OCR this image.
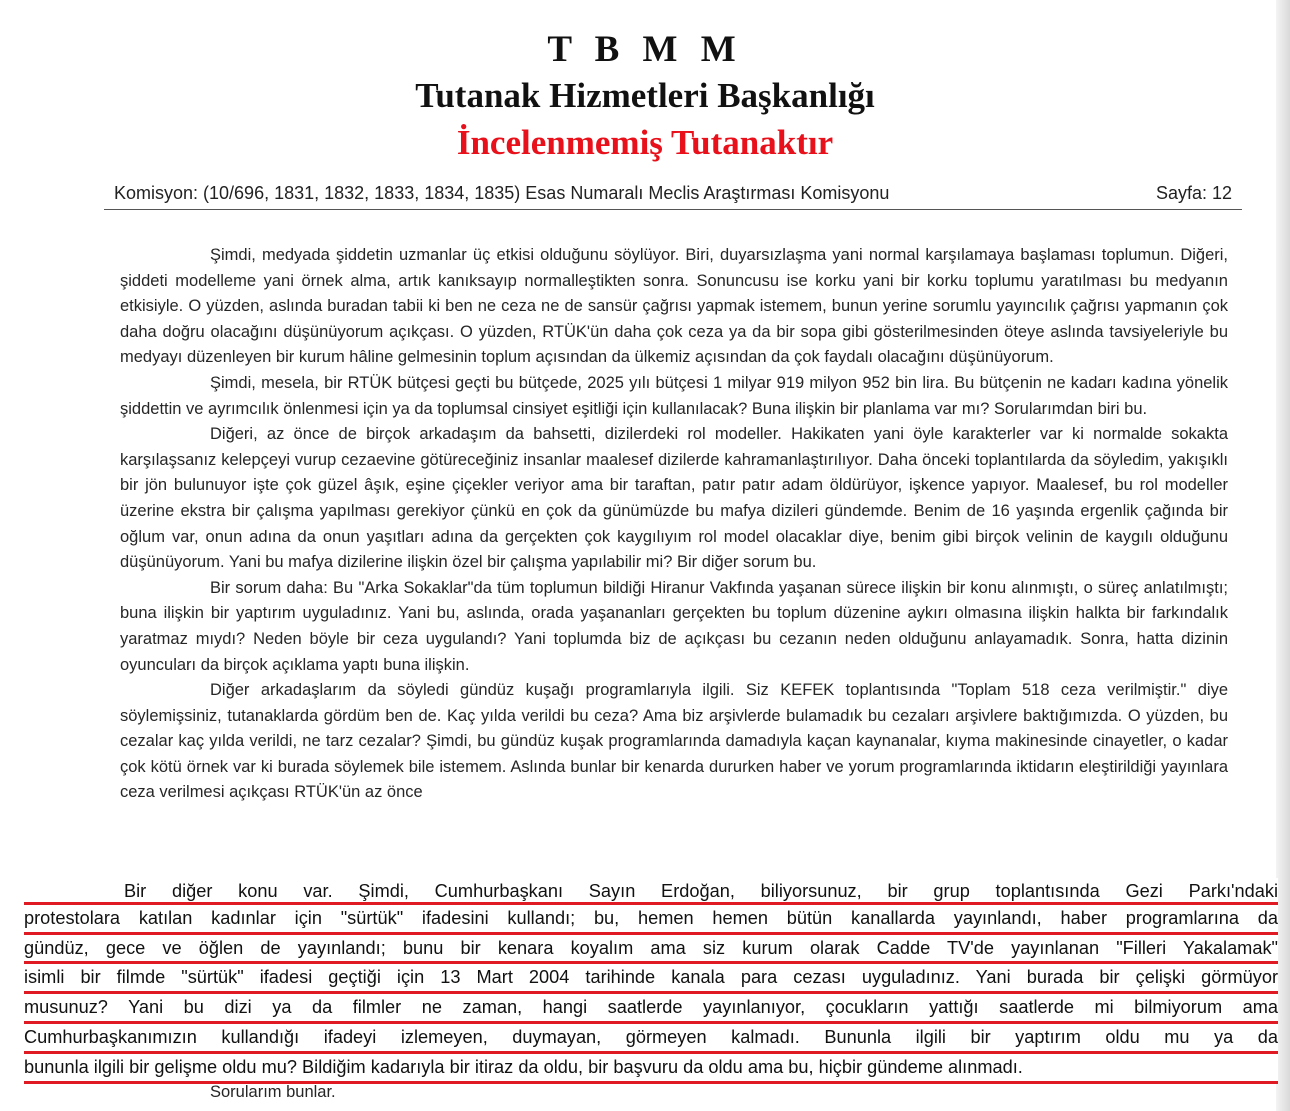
T B M M
Tutanak Hizmetleri Başkanlığı
İncelenmemiş Tutanaktır
Komisyon: (10/696, 1831, 1832, 1833, 1834, 1835) Esas Numaralı Meclis Araştırması Komisyonu	Sayfa: 12

Şimdi, medyada şiddetin uzmanlar üç etkisi olduğunu söylüyor. Biri, duyarsızlaşma yani normal karşılamaya başlaması toplumun. Diğeri, şiddeti modelleme yani örnek alma, artık kanıksayıp normalleştikten sonra. Sonuncusu ise korku yani bir korku toplumu yaratılması bu medyanın etkisiyle. O yüzden, aslında buradan tabii ki ben ne ceza ne de sansür çağrısı yapmak istemem, bunun yerine sorumlu yayıncılık çağrısı yapmanın çok daha doğru olacağını düşünüyorum açıkçası. O yüzden, RTÜK'ün daha çok ceza ya da bir sopa gibi gösterilmesinden öteye aslında tavsiyeleriyle bu medyayı düzenleyen bir kurum hâline gelmesinin toplum açısından da ülkemiz açısından da çok faydalı olacağını düşünüyorum.

Şimdi, mesela, bir RTÜK bütçesi geçti bu bütçede, 2025 yılı bütçesi 1 milyar 919 milyon 952 bin lira. Bu bütçenin ne kadarı kadına yönelik şiddettin ve ayrımcılık önlenmesi için ya da toplumsal cinsiyet eşitliği için kullanılacak? Buna ilişkin bir planlama var mı? Sorularımdan biri bu.

Diğeri, az önce de birçok arkadaşım da bahsetti, dizilerdeki rol modeller. Hakikaten yani öyle karakterler var ki normalde sokakta karşılaşsanız kelepçeyi vurup cezaevine götüreceğiniz insanlar maalesef dizilerde kahramanlaştırılıyor. Daha önceki toplantılarda da söyledim, yakışıklı bir jön bulunuyor işte çok güzel âşık, eşine çiçekler veriyor ama bir taraftan, patır patır adam öldürüyor, işkence yapıyor. Maalesef, bu rol modeller üzerine ekstra bir çalışma yapılması gerekiyor çünkü en çok da günümüzde bu mafya dizileri gündemde. Benim de 16 yaşında ergenlik çağında bir oğlum var, onun adına da onun yaşıtları adına da gerçekten çok kaygılıyım rol model olacaklar diye, benim gibi birçok velinin de kaygılı olduğunu düşünüyorum. Yani bu mafya dizilerine ilişkin özel bir çalışma yapılabilir mi? Bir diğer sorum bu.

Bir sorum daha: Bu "Arka Sokaklar"da tüm toplumun bildiği Hiranur Vakfında yaşanan sürece ilişkin bir konu alınmıştı, o süreç anlatılmıştı; buna ilişkin bir yaptırım uyguladınız. Yani bu, aslında, orada yaşananları gerçekten bu toplum düzenine aykırı olmasına ilişkin halkta bir farkındalık yaratmaz mıydı? Neden böyle bir ceza uygulandı? Yani toplumda biz de açıkçası bu cezanın neden olduğunu anlayamadık. Sonra, hatta dizinin oyuncuları da birçok açıklama yaptı buna ilişkin.

Diğer arkadaşlarım da söyledi gündüz kuşağı programlarıyla ilgili. Siz KEFEK toplantısında "Toplam 518 ceza verilmiştir." diye söylemişsiniz, tutanaklarda gördüm ben de. Kaç yılda verildi bu ceza? Ama biz arşivlerde bulamadık bu cezaları arşivlere baktığımızda. O yüzden, bu cezalar kaç yılda verildi, ne tarz cezalar? Şimdi, bu gündüz kuşak programlarında damadıyla kaçan kaynanalar, kıyma makinesinde cinayetler, o kadar çok kötü örnek var ki burada söylemek bile istemem. Aslında bunlar bir kenarda dururken haber ve yorum programlarında iktidarın eleştirildiği yayınlara ceza verilmesi açıkçası RTÜK'ün az önce

Bir diğer konu var. Şimdi, Cumhurbaşkanı Sayın Erdoğan, biliyorsunuz, bir grup toplantısında Gezi Parkı'ndaki
protestolara katılan kadınlar için "sürtük" ifadesini kullandı; bu, hemen hemen bütün kanallarda yayınlandı, haber programlarına da
gündüz, gece ve öğlen de yayınlandı; bunu bir kenara koyalım ama siz kurum olarak Cadde TV'de yayınlanan "Filleri Yakalamak"
isimli bir filmde "sürtük" ifadesi geçtiği için 13 Mart 2004 tarihinde kanala para cezası uyguladınız. Yani burada bir çelişki görmüyor
musunuz? Yani bu dizi ya da filmler ne zaman, hangi saatlerde yayınlanıyor, çocukların yattığı saatlerde mi bilmiyorum ama
Cumhurbaşkanımızın kullandığı ifadeyi izlemeyen, duymayan, görmeyen kalmadı. Bununla ilgili bir yaptırım oldu mu ya da
bununla ilgili bir gelişme oldu mu? Bildiğim kadarıyla bir itiraz da oldu, bir başvuru da oldu ama bu, hiçbir gündeme alınmadı.
Sorularım bunlar.
